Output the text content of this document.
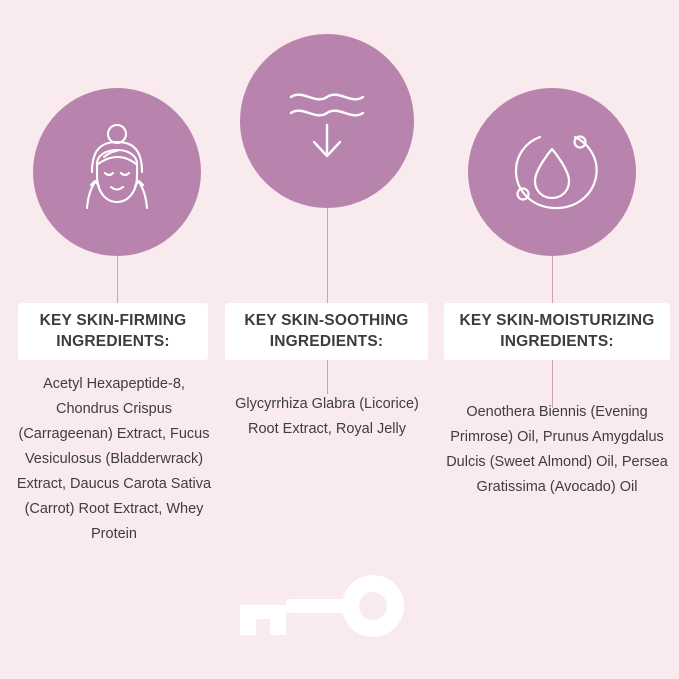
KEY SKIN-FIRMING INGREDIENTS:
Acetyl Hexapeptide-8, Chondrus Crispus (Carrageenan) Extract, Fucus Vesiculosus (Bladderwrack) Extract, Daucus Carota Sativa (Carrot) Root Extract, Whey Protein
KEY SKIN-SOOTHING INGREDIENTS:
Glycyrrhiza Glabra (Licorice) Root Extract, Royal Jelly
KEY SKIN-MOISTURIZING INGREDIENTS:
Oenothera Biennis (Evening Primrose) Oil, Prunus Amygdalus Dulcis (Sweet Almond) Oil, Persea Gratissima (Avocado) Oil
